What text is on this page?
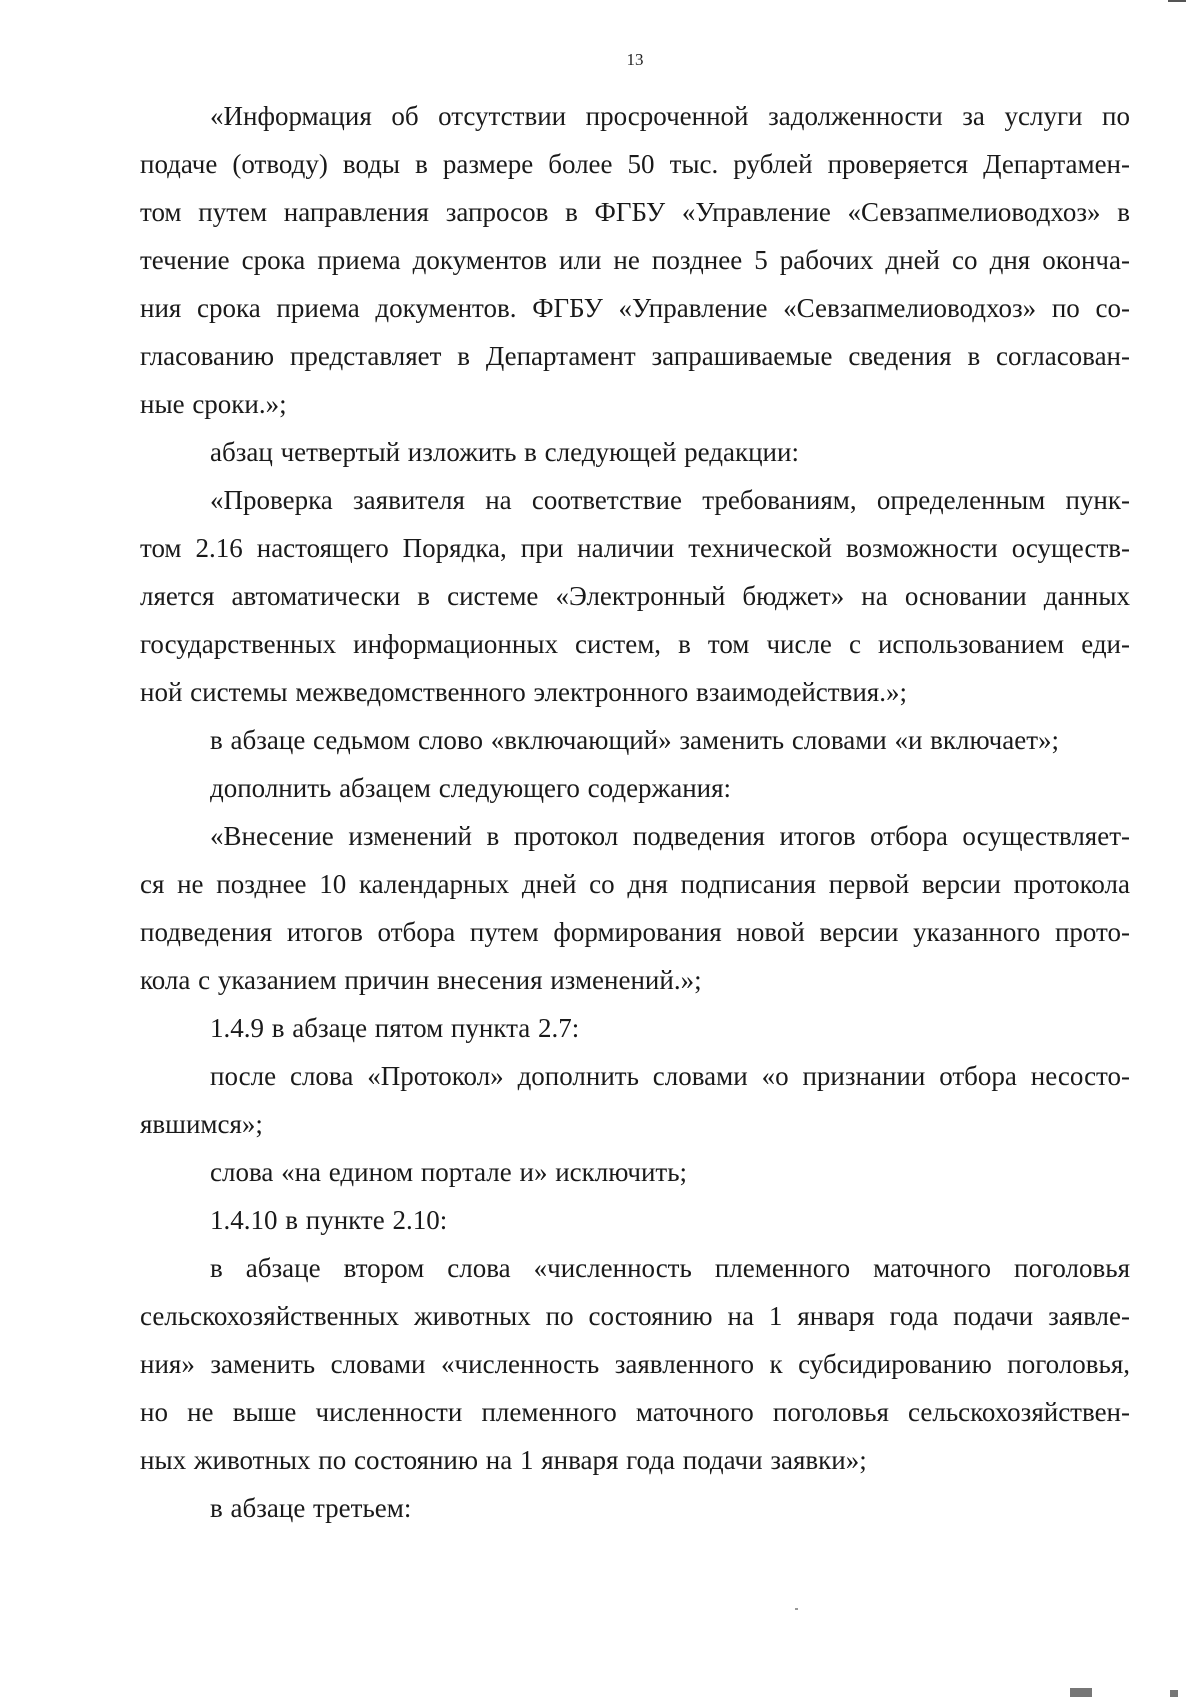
13
«Информация об отсутствии просроченной задолженности за услуги по
подаче (отводу) воды в размере более 50 тыс. рублей проверяется Департамен-
том путем направления запросов в ФГБУ «Управление «Севзапмелиоводхоз» в
течение срока приема документов или не позднее 5 рабочих дней со дня оконча-
ния срока приема документов. ФГБУ «Управление «Севзапмелиоводхоз» по со-
гласованию представляет в Департамент запрашиваемые сведения в согласован-
ные сроки.»;
абзац четвертый изложить в следующей редакции:
«Проверка заявителя на соответствие требованиям, определенным пунк-
том 2.16 настоящего Порядка, при наличии технической возможности осуществ-
ляется автоматически в системе «Электронный бюджет» на основании данных
государственных информационных систем, в том числе с использованием еди-
ной системы межведомственного электронного взаимодействия.»;
в абзаце седьмом слово «включающий» заменить словами «и включает»;
дополнить абзацем следующего содержания:
«Внесение изменений в протокол подведения итогов отбора осуществляет-
ся не позднее 10 календарных дней со дня подписания первой версии протокола
подведения итогов отбора путем формирования новой версии указанного прото-
кола с указанием причин внесения изменений.»;
1.4.9 в абзаце пятом пункта 2.7:
после слова «Протокол» дополнить словами «о признании отбора несосто-
явшимся»;
слова «на едином портале и» исключить;
1.4.10 в пункте 2.10:
в абзаце втором слова «численность племенного маточного поголовья
сельскохозяйственных животных по состоянию на 1 января года подачи заявле-
ния» заменить словами «численность заявленного к субсидированию поголовья,
но не выше численности племенного маточного поголовья сельскохозяйствен-
ных животных по состоянию на 1 января года подачи заявки»;
в абзаце третьем:
